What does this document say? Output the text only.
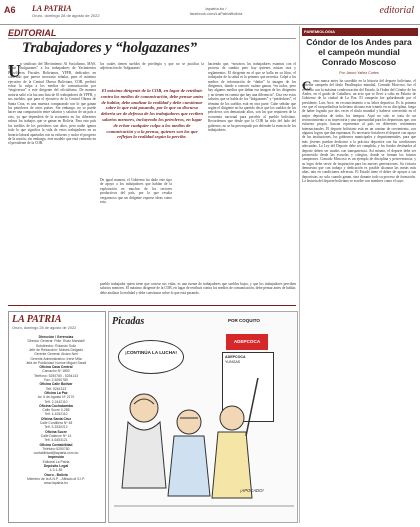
A6 LA PATRIA
Oruro, domingo 28 de agosto de 2022
lapatria.bo / facebook.com/LaPatriaBolivia	editorial
EDITORIAL
Trabajadores y “holgazanes”
U n sindicato del Movimiento Al Socialismo, MAS, llamó “holgazanes” a los trabajadores de Yacimientos Petrolíferos Fiscales Bolivianos, YPFB, dedicados en cometido que parece necesario señalar, pues el máximo ejecutivo de la Central Obrera Boliviana, COB, prefirió echar la culpa a los medios de comunicación por “tergiversar” a este dirigente del oficialismo. De manera notoria salió a la luz una lista de 61 trabajadores de YPFB, y sus sueldos, que para el ejecutivo de la Central Obrera de Santa Cruz, es una muestra comparando con lo que ganan los petroleros de otros países. Sin embargo, no se puede hacer una comparación entre salarios y salarios de un país a otro, ya que dependerá de la economía en los diferentes rubros los trabajos que se ganan en Bolivia. Para este país los sueldos de los petroleros son altos, pero nadie ignora todo lo que significa la vida de estos trabajadores en su horario laboral apartados con su esfuerzo y sudor el progreso de la nación, sin embargo, este modelo que está centrado en el presidente de la COB.
los cuales tienen sueldos de privilegio y que no se justifica la adjetivación de ‘holgazanes’.
El máximo dirigente de la COB, en lugar de retribuir contra los medios de comunicación, debe pensar antes de hablar, debe analizar la realidad y debe cuestionar sobre lo que está pasando, por lo que su discurso debería ser de defensa de los trabajadores que reciben salarios menores, incluyendo los petroleros, en lugar de echar cualquier culpa a los medios de comunicación y a la prensa, quienes son los que reflejan la realidad según la percibe.
De igual manera, el Gobierno ha dado este tipo de apoyo a los trabajadores que hablan de la explotación en muchos de los sectores productivos del país, por lo que resulta vergonzoso que un dirigente exprese ideas como esta.
haciendo que, “nosotros los trabajadores estamos con el proceso de cambio pero hay quienes actúan otra y reglamentos. El dirigente en el que se halla en su libro, el trabajador de la salud es lo primero que necesita. Calpé a los medios de información de “dañar” la imagen de los dirigentes, dando a conocer cuánto ganan, “en todos, pero hay algunos medios que dañan esa imagen de los dirigentes y no tienen en cuenta que hay una diferencia”. Una vez estos salarios que se habla de los “holgazanes” y “perdedores”, el término de los sueldos está en otra parte. Cabe señalar que según el dirigente no ha querido decir que los sueldos de los petroleros son demasiado altos, son los que requieren de la economía nacional para percibir al pueblo boliviano. Recordemos que desde que la COB ha sido del lado del gobierno, no se ha preocupado por defender la esencia de los trabajadores.
pueblo trabajador quien tiene que costear sus vidas, es una fuente de trabajadores que sueldos bajos, y que los trabajadores perciben salarios menores. El máximo dirigente de la COB, en lugar de retribuir contra los medios de comunicación, debe pensar antes de hablar, debe analizar la realidad y debe cuestionar sobre lo que está pasando.
PAREMIOLOGIA
Cóndor de los Andes para el campeón mundial Conrado Moscoso
Por: Arturo Yañez Cortes
C omo nunca antes ha sucedido en la historia del deporte boliviano, el reciente campeón del título Paralímpico mundial, Conrado Moscoso, fue el recibido con la máxima condecoración del Estado, la Orden del Cóndor de los Andes, en el grado de Caballero, un acto que se llevó a cabo en Palacio de Gobierno de la ciudad de La Paz. El campeón fue galardonado por el presidente, Luis Arce, en reconocimiento a su labor deportiva. Es la primera vez que el racquetbolista boliviano alcanza este triunfo en su disciplina, luego de haber logrado por dos veces el título mundial y haberse convertido en el mejor deportista de todos los tiempos. Aquí no solo se trata de un reconocimiento a su trayectoria y una oportunidad para los deportistas que, con esfuerzo propio, buscan representar al país en diferentes certámenes internacionales. El deporte boliviano está en un camino de crecimiento, con algunos logros que dan esperanza. Es necesario fortalecer el deporte con apoyo de las instituciones, los gobiernos municipales y departamentales, para que más jóvenes puedan dedicarse a la práctica deportiva con las condiciones adecuadas. La Ley del Deporte debe ser cumplida, y los fondos destinados al deporte deben ser usados con transparencia. Así mismo, el deporte debe ser promovido desde las escuelas y colegios, donde se forman los futuros campeones. Conrado Moscoso es un ejemplo de disciplina y perseverancia, y su logro debe servir de inspiración para las nuevas generaciones. Su victoria demuestra que con trabajo y dedicación es posible alcanzar las metas más altas, aún en condiciones adversas. El Estado tiene el deber de apoyar a sus deportistas, no solo cuando ganan, sino durante todo su proceso de formación. La historia del deporte boliviano se escribe con nombres como el suyo.
LA PATRIA
Oruro, domingo 28 de agosto de 2022
Dirección / Gerencias
Director General: Pdte. Rúaz Mandalli
Subdirector: Rolando Soliz
Jefe de Redacción: Moisés Delgado
Gerente General: Alvaro Neri
Gerente Administrativo: Irene Mita
Jefa de Publicidad: Ivonne Miguel Sandi
Oficina Casa Central
Camacho Nº 1892
Teléfono: 5250780 - 5254143
Fax: 2-5250780
Oficina Calle Bolívar
Telf. 5261313
Oficina La Paz
Av. 6 de Agosto Nº 2170
Telf. 2-2442110
Oficina Cochabamba
Calle Sucre 0-285
Telf. 4-4252110
Oficina Santa Cruz
Calle Cordillera Nº 48
Telf. 3-3330212
Oficina Sucre
Calle Dalence Nº 14
Telf. 4-6453121
Oficina Contabilidad
Teléfono 5250780
contabilidad@lapatria.com.bo
Impresión
Editorial La Patria
Depósito Legal
4-3-1-89
Oruro - Bolivia
Miembro de la A.N.P. - Afiliado al S.I.P.
www.lapatria.bo
Picadas	POR COQUITO
¡CONTINÚA LA LUCHA!
ADEPCOCA
ADEPCOCA
YUNGAS
¡APOCADO!
